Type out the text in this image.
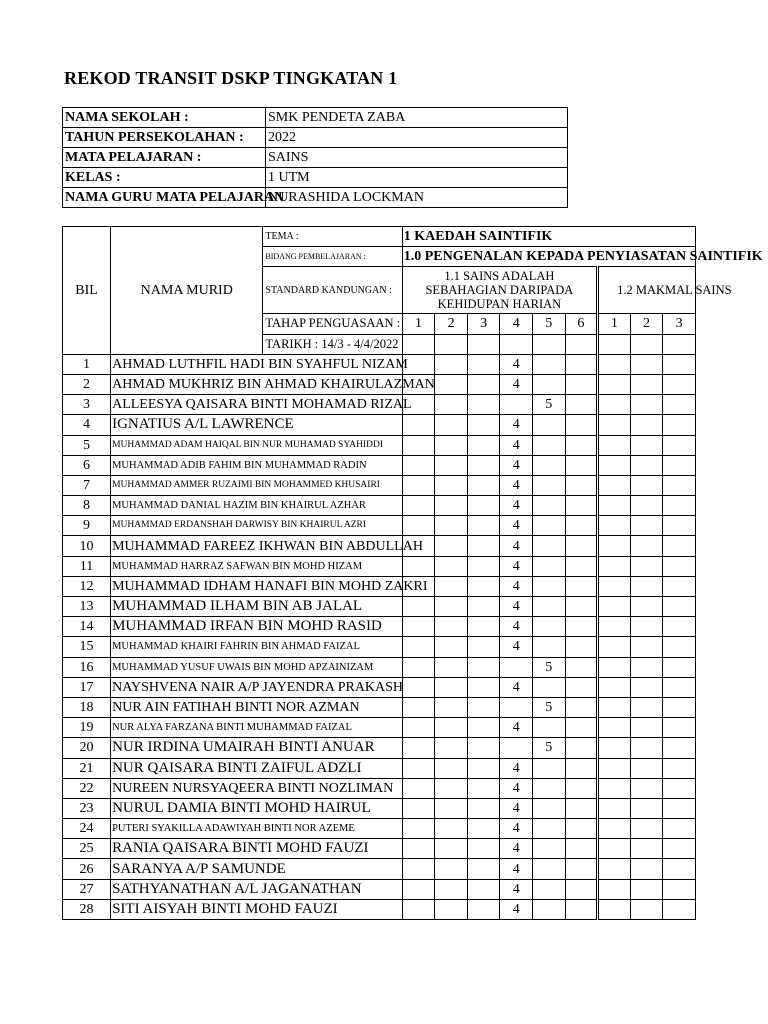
REKOD TRANSIT DSKP TINGKATAN 1
NAMA SEKOLAH :	SMK PENDETA ZABA
TAHUN PERSEKOLAHAN :	2022
MATA PELAJARAN :	SAINS
KELAS :	1 UTM
NAMA GURU MATA PELAJARAN	NURASHIDA LOCKMAN
BIL	NAMA MURID	TEMA :	1 KAEDAH SAINTIFIK								
		BIDANG PEMBELAJARAN :	1.0 PENGENALAN KEPADA PENYIASATAN SAINTIFIK								
		STANDARD KANDUNGAN :	1.1 SAINS ADALAH SEBAHAGIAN DARIPADA KEHIDUPAN HARIAN						1.2 MAKMAL SAINS		
		TAHAP PENGUASAAN :	1	2	3	4	5	6	1	2	3
		TARIKH : 14/3 - 4/4/2022									

1	AHMAD LUTHFIL HADI BIN SYAHFUL NIZAM					4					
2	AHMAD MUKHRIZ BIN AHMAD KHAIRULAZMAN					4					
3	ALLEESYA QAISARA BINTI MOHAMAD RIZAL						5				
4	IGNATIUS A/L LAWRENCE					4					
5	MUHAMMAD ADAM HAIQAL BIN NUR MUHAMAD SYAHIDDI					4					
6	MUHAMMAD ADIB FAHIM BIN MUHAMMAD RADIN					4					
7	MUHAMMAD AMMER RUZAIMI BIN MOHAMMED KHUSAIRI					4					
8	MUHAMMAD DANIAL HAZIM BIN KHAIRUL AZHAR					4					
9	MUHAMMAD ERDANSHAH DARWISY BIN KHAIRUL AZRI					4					
10	MUHAMMAD FAREEZ IKHWAN BIN ABDULLAH					4					
11	MUHAMMAD HARRAZ SAFWAN BIN MOHD HIZAM					4					
12	MUHAMMAD IDHAM HANAFI BIN MOHD ZAKRI					4					
13	MUHAMMAD ILHAM BIN AB JALAL					4					
14	MUHAMMAD IRFAN BIN MOHD RASID					4					
15	MUHAMMAD KHAIRI FAHRIN BIN AHMAD FAIZAL					4					
16	MUHAMMAD YUSUF UWAIS BIN MOHD APZAINIZAM						5				
17	NAYSHVENA NAIR A/P JAYENDRA PRAKASH					4					
18	NUR AIN FATIHAH BINTI NOR AZMAN						5				
19	NUR ALYA FARZANA BINTI MUHAMMAD FAIZAL					4					
20	NUR IRDINA UMAIRAH BINTI ANUAR						5				
21	NUR QAISARA BINTI ZAIFUL ADZLI					4					
22	NUREEN NURSYAQEERA BINTI NOZLIMAN					4					
23	NURUL DAMIA BINTI MOHD HAIRUL					4					
24	PUTERI SYAKILLA ADAWIYAH BINTI NOR AZEME					4					
25	RANIA QAISARA BINTI MOHD FAUZI					4					
26	SARANYA A/P SAMUNDE					4					
27	SATHYANATHAN A/L JAGANATHAN					4					
28	SITI AISYAH BINTI MOHD FAUZI					4					
